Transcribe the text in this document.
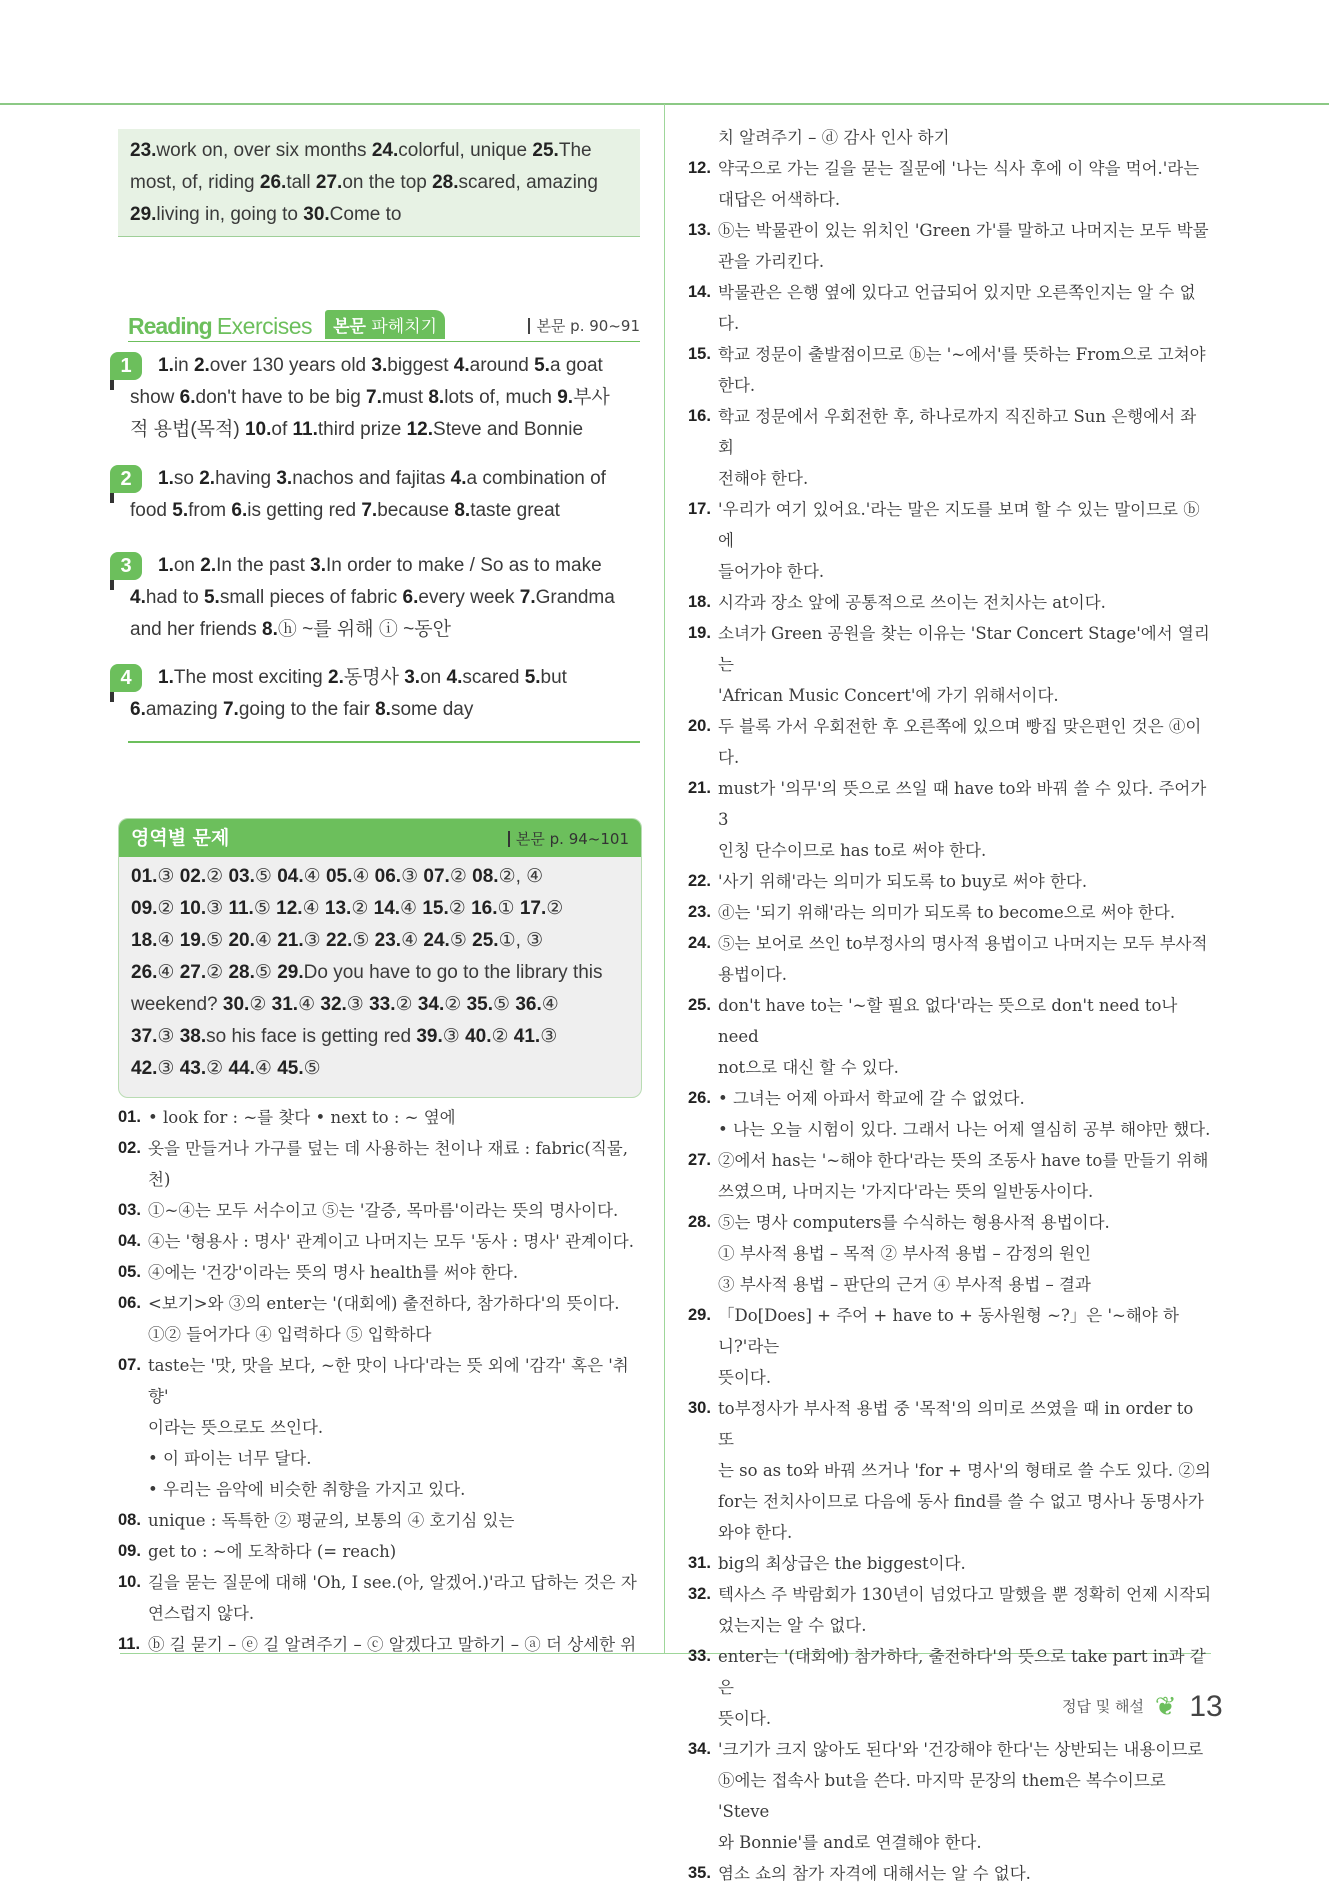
23.work on, over six months 24.colorful, unique 25.The
most, of, riding 26.tall 27.on the top 28.scared, amazing
29.living in, going to 30.Come to
Reading Exercises 본문 파헤치기	본문 p. 90~91
1	1.in 2.over 130 years old 3.biggest 4.around 5.a goat
show 6.don't have to be big 7.must 8.lots of, much 9.부사
적 용법(목적) 10.of 11.third prize 12.Steve and Bonnie
2	1.so 2.having 3.nachos and fajitas 4.a combination of
food 5.from 6.is getting red 7.because 8.taste great
3	1.on 2.In the past 3.In order to make / So as to make
4.had to 5.small pieces of fabric 6.every week 7.Grandma
and her friends 8.ⓗ ~를 위해 ⓘ ~동안
4	1.The most exciting 2.동명사 3.on 4.scared 5.but
6.amazing 7.going to the fair 8.some day
영역별 문제	본문 p. 94~101
01.③ 02.② 03.⑤ 04.④ 05.④ 06.③ 07.② 08.②, ④
09.② 10.③ 11.⑤ 12.④ 13.② 14.④ 15.② 16.① 17.②
18.④ 19.⑤ 20.④ 21.③ 22.⑤ 23.④ 24.⑤ 25.①, ③
26.④ 27.② 28.⑤ 29.Do you have to go to the library this
weekend? 30.② 31.④ 32.③ 33.② 34.② 35.⑤ 36.④
37.③ 38.so his face is getting red 39.③ 40.② 41.③
42.③ 43.② 44.④ 45.⑤
01. • look for : ~를 찾다 • next to : ~ 옆에
02. 옷을 만들거나 가구를 덮는 데 사용하는 천이나 재료 : fabric(직물,
천)
03. ①~④는 모두 서수이고 ⑤는 '갈증, 목마름'이라는 뜻의 명사이다.
04. ④는 '형용사 : 명사' 관계이고 나머지는 모두 '동사 : 명사' 관계이다.
05. ④에는 '건강'이라는 뜻의 명사 health를 써야 한다.
06. <보기>와 ③의 enter는 '(대회에) 출전하다, 참가하다'의 뜻이다.
①② 들어가다 ④ 입력하다 ⑤ 입학하다
07. taste는 '맛, 맛을 보다, ~한 맛이 나다'라는 뜻 외에 '감각' 혹은 '취향'
이라는 뜻으로도 쓰인다.
• 이 파이는 너무 달다.
• 우리는 음악에 비슷한 취향을 가지고 있다.
08. unique : 독특한 ② 평균의, 보통의 ④ 호기심 있는
09. get to : ~에 도착하다 (= reach)
10. 길을 묻는 질문에 대해 'Oh, I see.(아, 알겠어.)'라고 답하는 것은 자
연스럽지 않다.
11. ⓑ 길 묻기 – ⓔ 길 알려주기 – ⓒ 알겠다고 말하기 – ⓐ 더 상세한 위
치 알려주기 – ⓓ 감사 인사 하기
12. 약국으로 가는 길을 묻는 질문에 '나는 식사 후에 이 약을 먹어.'라는
대답은 어색하다.
13. ⓑ는 박물관이 있는 위치인 'Green 가'를 말하고 나머지는 모두 박물
관을 가리킨다.
14. 박물관은 은행 옆에 있다고 언급되어 있지만 오른쪽인지는 알 수 없
다.
15. 학교 정문이 출발점이므로 ⓑ는 '~에서'를 뜻하는 From으로 고쳐야
한다.
16. 학교 정문에서 우회전한 후, 하나로까지 직진하고 Sun 은행에서 좌회
전해야 한다.
17. '우리가 여기 있어요.'라는 말은 지도를 보며 할 수 있는 말이므로 ⓑ에
들어가야 한다.
18. 시각과 장소 앞에 공통적으로 쓰이는 전치사는 at이다.
19. 소녀가 Green 공원을 찾는 이유는 'Star Concert Stage'에서 열리는
'African Music Concert'에 가기 위해서이다.
20. 두 블록 가서 우회전한 후 오른쪽에 있으며 빵집 맞은편인 것은 ⓓ이
다.
21. must가 '의무'의 뜻으로 쓰일 때 have to와 바꿔 쓸 수 있다. 주어가 3
인칭 단수이므로 has to로 써야 한다.
22. '사기 위해'라는 의미가 되도록 to buy로 써야 한다.
23. ⓓ는 '되기 위해'라는 의미가 되도록 to become으로 써야 한다.
24. ⑤는 보어로 쓰인 to부정사의 명사적 용법이고 나머지는 모두 부사적
용법이다.
25. don't have to는 '~할 필요 없다'라는 뜻으로 don't need to나 need
not으로 대신 할 수 있다.
26. • 그녀는 어제 아파서 학교에 갈 수 없었다.
• 나는 오늘 시험이 있다. 그래서 나는 어제 열심히 공부 해야만 했다.
27. ②에서 has는 '~해야 한다'라는 뜻의 조동사 have to를 만들기 위해
쓰였으며, 나머지는 '가지다'라는 뜻의 일반동사이다.
28. ⑤는 명사 computers를 수식하는 형용사적 용법이다.
① 부사적 용법 – 목적 ② 부사적 용법 – 감정의 원인
③ 부사적 용법 – 판단의 근거 ④ 부사적 용법 – 결과
29. 「Do[Does] + 주어 + have to + 동사원형 ~?」은 '~해야 하니?'라는
뜻이다.
30. to부정사가 부사적 용법 중 '목적'의 의미로 쓰였을 때 in order to 또
는 so as to와 바꿔 쓰거나 'for + 명사'의 형태로 쓸 수도 있다. ②의
for는 전치사이므로 다음에 동사 find를 쓸 수 없고 명사나 동명사가
와야 한다.
31. big의 최상급은 the biggest이다.
32. 텍사스 주 박람회가 130년이 넘었다고 말했을 뿐 정확히 언제 시작되
었는지는 알 수 없다.
33. enter는 '(대회에) 참가하다, 출전하다'의 뜻으로 take part in과 같은
뜻이다.
34. '크기가 크지 않아도 된다'와 '건강해야 한다'는 상반되는 내용이므로
ⓑ에는 접속사 but을 쓴다. 마지막 문장의 them은 복수이므로 'Steve
와 Bonnie'를 and로 연결해야 한다.
35. 염소 쇼의 참가 자격에 대해서는 알 수 없다.
정답 및 해설 ❦ 13
